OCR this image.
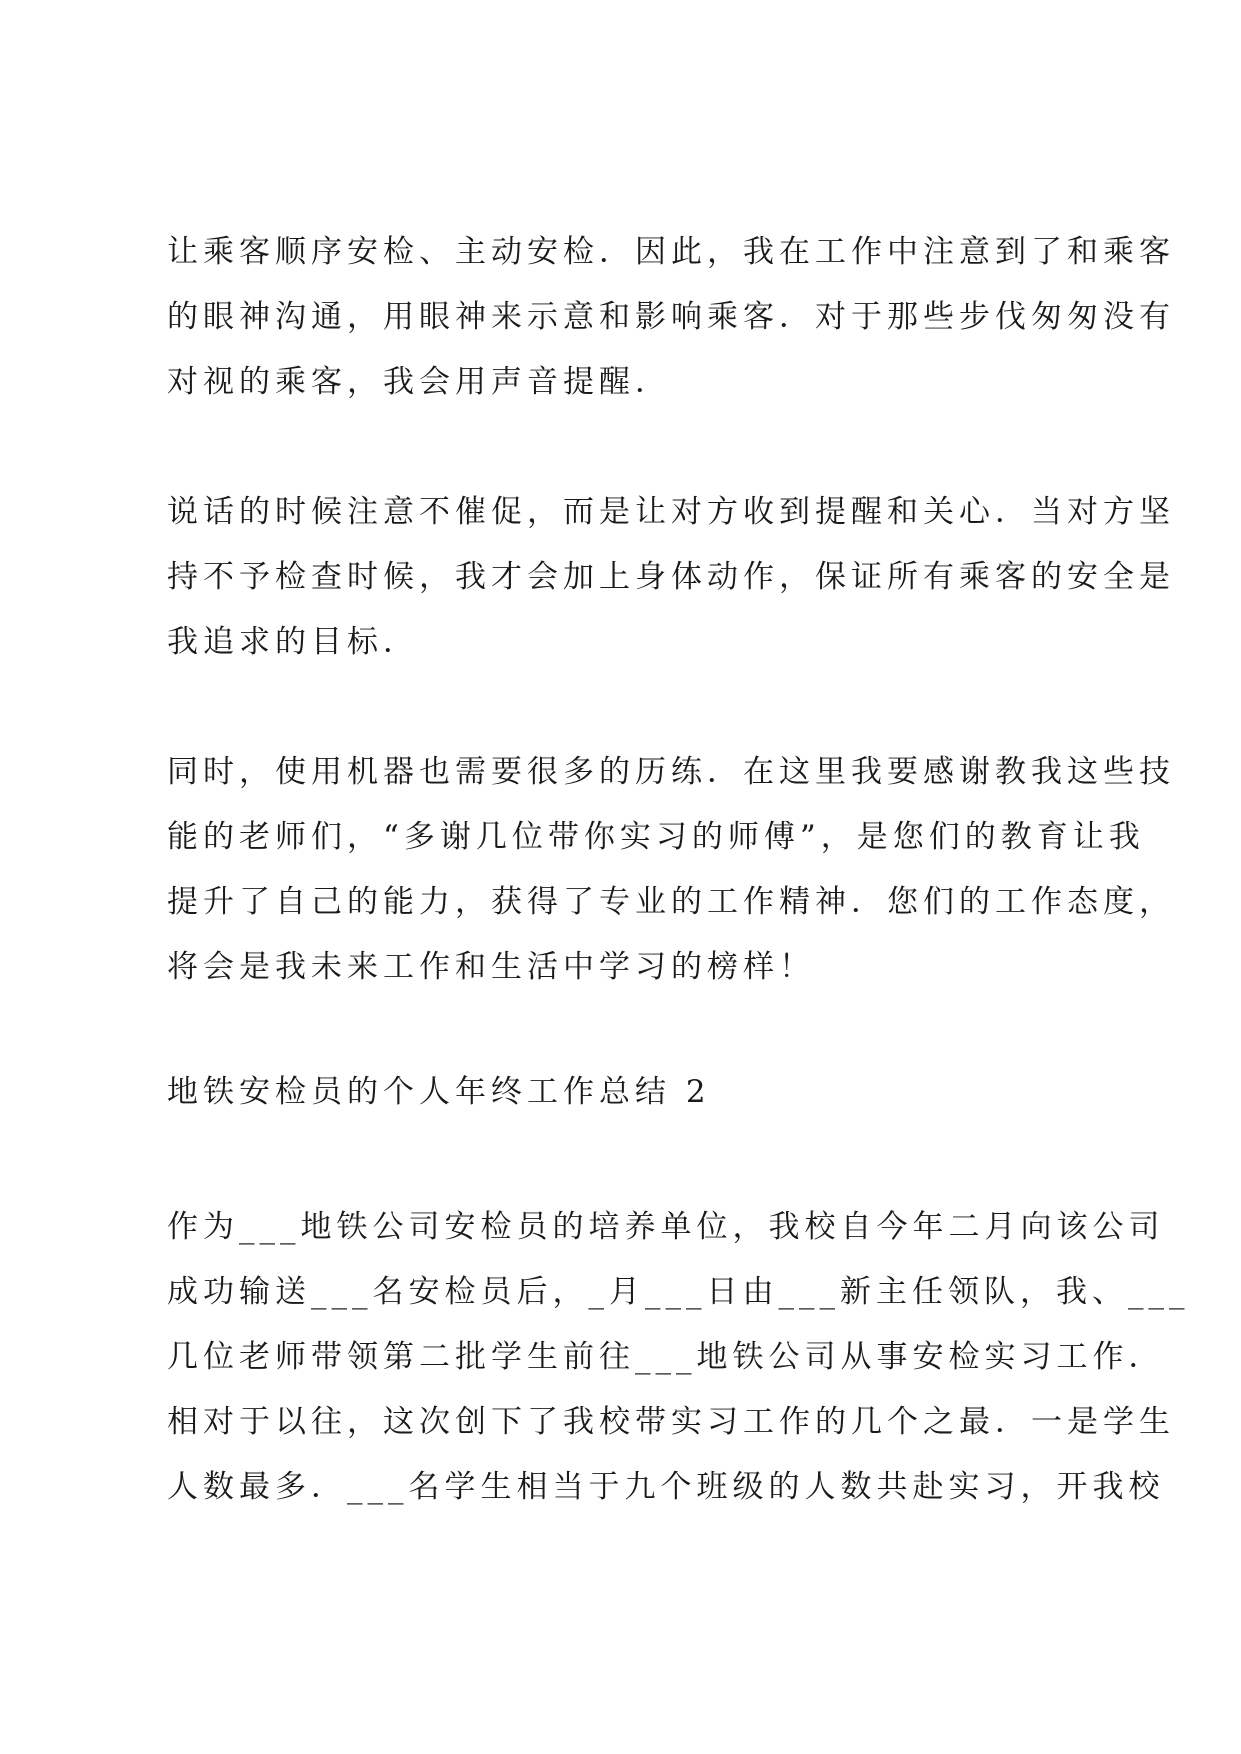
让乘客顺序安检、主动安检．因此，我在工作中注意到了和乘客
的眼神沟通，用眼神来示意和影响乘客．对于那些步伐匆匆没有
对视的乘客，我会用声音提醒．
说话的时候注意不催促，而是让对方收到提醒和关心．当对方坚
持不予检查时候，我才会加上身体动作，保证所有乘客的安全是
我追求的目标．
同时，使用机器也需要很多的历练．在这里我要感谢教我这些技
能的老师们，“多谢几位带你实习的师傅”，是您们的教育让我
提升了自己的能力，获得了专业的工作精神．您们的工作态度，
将会是我未来工作和生活中学习的榜样！
地铁安检员的个人年终工作总结 2
作为___地铁公司安检员的培养单位，我校自今年二月向该公司
成功输送___名安检员后，_月___日由___新主任领队，我、___
几位老师带领第二批学生前往___地铁公司从事安检实习工作．
相对于以往，这次创下了我校带实习工作的几个之最．一是学生
人数最多．___名学生相当于九个班级的人数共赴实习，开我校
